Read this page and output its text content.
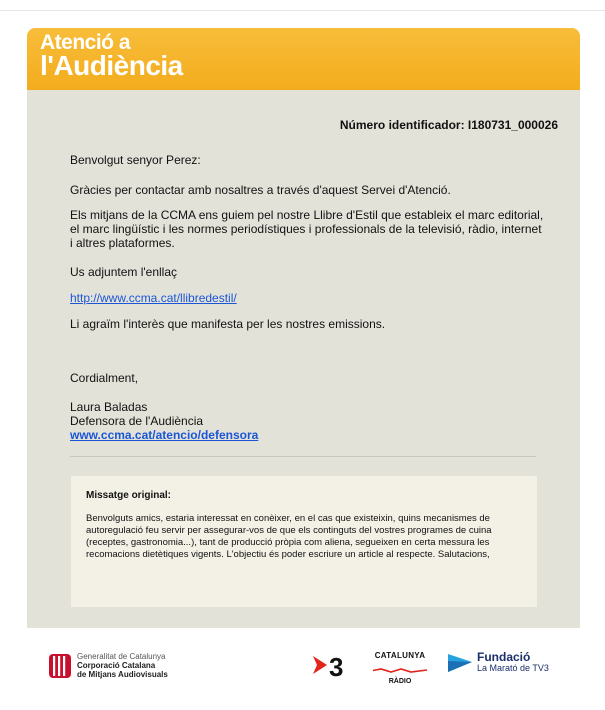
Atenció a
l'Audiència
Número identificador: I180731_000026

Benvolgut senyor Perez:

Gràcies per contactar amb nosaltres a través d'aquest Servei d'Atenció.

Els mitjans de la CCMA ens guiem pel nostre Llibre d'Estil que estableix el marc editorial, el marc lingüístic i les normes periodístiques i professionals de la televisió, ràdio, internet i altres plataformes.

Us adjuntem l'enllaç

http://www.ccma.cat/llibredestil/

Li agraïm l'interès que manifesta per les nostres emissions.

Cordialment,

Laura Baladas
Defensora de l'Audiència
www.ccma.cat/atencio/defensora
Missatge original:
Benvolguts amics, estaria interessat en conèixer, en el cas que existeixin, quins mecanismes de autoregulació feu servir per assegurar-vos de que els continguts del vostres programes de cuina (receptes, gastronomia...), tant de producció pròpia com aliena, segueixen en certa messura les recomacions dietètiques vigents. L'objectiu és poder escriure un article al respecte. Salutacions,
Generalitat de Catalunya
Corporació Catalana
de Mitjans Audiovisuals	3	CATALUNYA
RÀDIO
Fundació
La Marató de TV3
